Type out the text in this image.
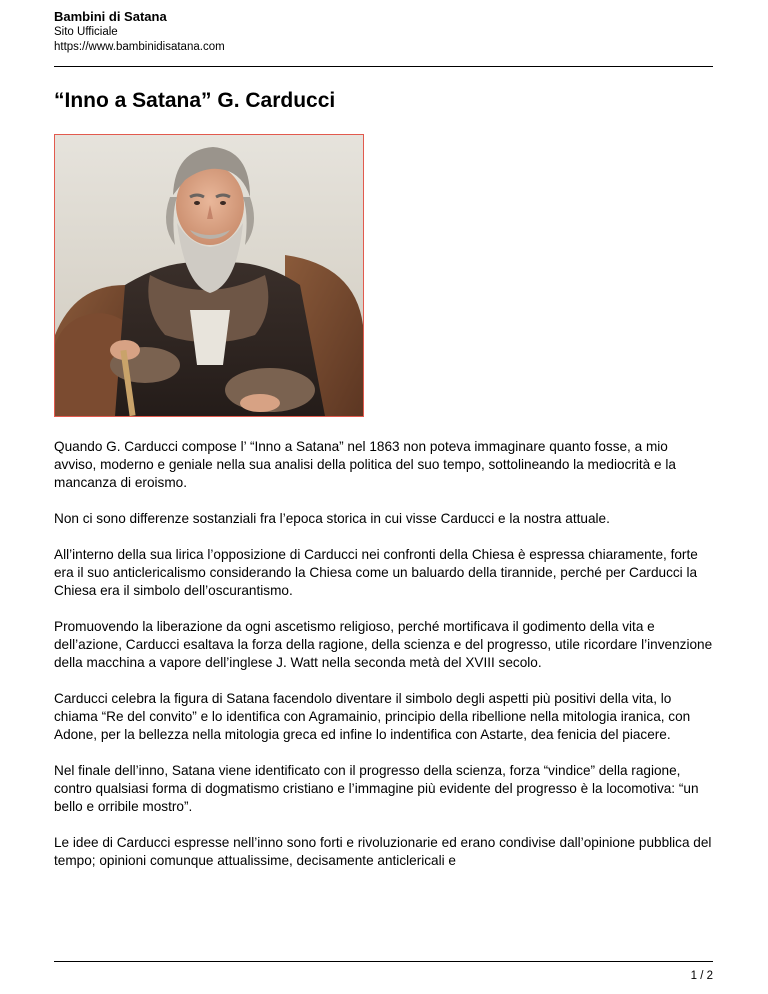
Bambini di Satana
Sito Ufficiale
https://www.bambinidisatana.com
“Inno a Satana” G. Carducci

Quando G. Carducci compose l’ “Inno a Satana” nel 1863 non poteva immaginare quanto fosse, a mio avviso, moderno e geniale nella sua analisi della politica del suo tempo, sottolineando la mediocrità e la mancanza di eroismo.

Non ci sono differenze sostanziali fra l’epoca storica in cui visse Carducci e la nostra attuale.

All’interno della sua lirica l’opposizione di Carducci nei confronti della Chiesa è espressa chiaramente, forte era il suo anticlericalismo considerando la Chiesa come un baluardo della tirannide, perché per Carducci la Chiesa era il simbolo dell’oscurantismo.

Promuovendo la liberazione da ogni ascetismo religioso, perché mortificava il godimento della vita e dell’azione, Carducci esaltava la forza della ragione, della scienza e del progresso, utile ricordare l’invenzione della macchina a vapore dell’inglese J. Watt nella seconda metà del XVIII secolo.

Carducci celebra la figura di Satana facendolo diventare il simbolo degli aspetti più positivi della vita, lo chiama “Re del convito” e lo identifica con Agramainio, principio della ribellione nella mitologia iranica, con Adone, per la bellezza nella mitologia greca ed infine lo indentifica con Astarte, dea fenicia del piacere.

Nel finale dell’inno, Satana viene identificato con il progresso della scienza, forza “vindice” della ragione, contro qualsiasi forma di dogmatismo cristiano e l’immagine più evidente del progresso è la locomotiva: “un bello e orribile mostro”.

Le idee di Carducci espresse nell’inno sono forti e rivoluzionarie ed erano condivise dall’opinione pubblica del tempo; opinioni comunque attualissime, decisamente anticlericali e

1 / 2
